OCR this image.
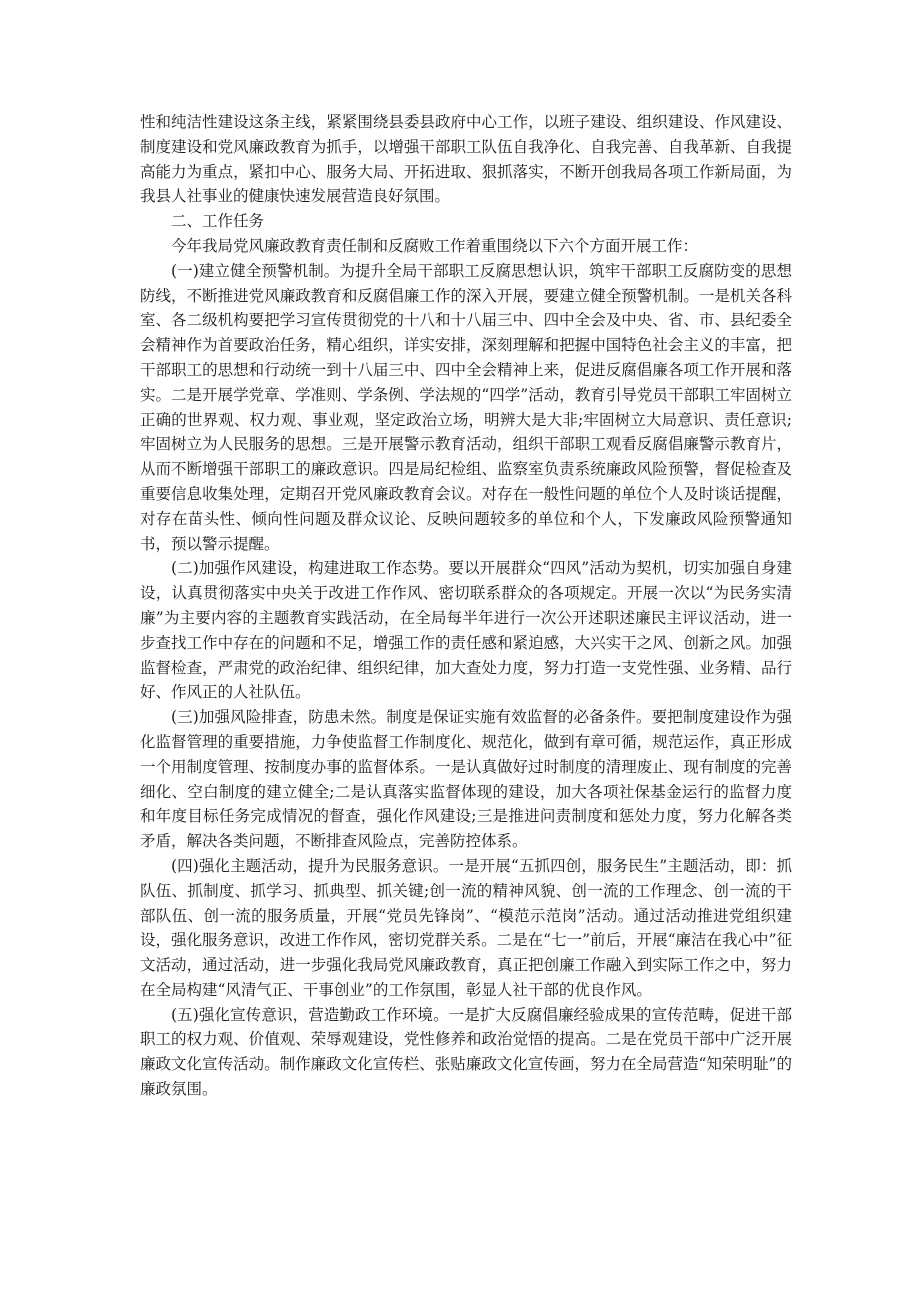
性和纯洁性建设这条主线，紧紧围绕县委县政府中心工作，以班子建设、组织建设、作风建设、制度建设和党风廉政教育为抓手，以增强干部职工队伍自我净化、自我完善、自我革新、自我提高能力为重点，紧扣中心、服务大局、开拓进取、狠抓落实，不断开创我局各项工作新局面，为我县人社事业的健康快速发展营造良好氛围。

二、工作任务

今年我局党风廉政教育责任制和反腐败工作着重围绕以下六个方面开展工作：

(一)建立健全预警机制。为提升全局干部职工反腐思想认识，筑牢干部职工反腐防变的思想防线，不断推进党风廉政教育和反腐倡廉工作的深入开展，要建立健全预警机制。一是机关各科室、各二级机构要把学习宣传贯彻党的十八和十八届三中、四中全会及中央、省、市、县纪委全会精神作为首要政治任务，精心组织，详实安排，深刻理解和把握中国特色社会主义的丰富，把干部职工的思想和行动统一到十八届三中、四中全会精神上来，促进反腐倡廉各项工作开展和落实。二是开展学党章、学准则、学条例、学法规的“四学”活动，教育引导党员干部职工牢固树立正确的世界观、权力观、事业观，坚定政治立场，明辨大是大非;牢固树立大局意识、责任意识;牢固树立为人民服务的思想。三是开展警示教育活动，组织干部职工观看反腐倡廉警示教育片，从而不断增强干部职工的廉政意识。四是局纪检组、监察室负责系统廉政风险预警，督促检查及重要信息收集处理，定期召开党风廉政教育会议。对存在一般性问题的单位个人及时谈话提醒，对存在苗头性、倾向性问题及群众议论、反映问题较多的单位和个人，下发廉政风险预警通知书，预以警示提醒。

(二)加强作风建设，构建进取工作态势。要以开展群众“四风”活动为契机，切实加强自身建设，认真贯彻落实中央关于改进工作作风、密切联系群众的各项规定。开展一次以“为民务实清廉”为主要内容的主题教育实践活动，在全局每半年进行一次公开述职述廉民主评议活动，进一步查找工作中存在的问题和不足，增强工作的责任感和紧迫感，大兴实干之风、创新之风。加强监督检查，严肃党的政治纪律、组织纪律，加大查处力度，努力打造一支党性强、业务精、品行好、作风正的人社队伍。

(三)加强风险排查，防患未然。制度是保证实施有效监督的必备条件。要把制度建设作为强化监督管理的重要措施，力争使监督工作制度化、规范化，做到有章可循，规范运作，真正形成一个用制度管理、按制度办事的监督体系。一是认真做好过时制度的清理废止、现有制度的完善细化、空白制度的建立健全;二是认真落实监督体现的建设，加大各项社保基金运行的监督力度和年度目标任务完成情况的督查，强化作风建设;三是推进问责制度和惩处力度，努力化解各类矛盾，解决各类问题，不断排查风险点，完善防控体系。

(四)强化主题活动，提升为民服务意识。一是开展“五抓四创，服务民生”主题活动，即：抓队伍、抓制度、抓学习、抓典型、抓关键;创一流的精神风貌、创一流的工作理念、创一流的干部队伍、创一流的服务质量，开展“党员先锋岗”、“模范示范岗”活动。通过活动推进党组织建设，强化服务意识，改进工作作风，密切党群关系。二是在“七一”前后，开展“廉洁在我心中”征文活动，通过活动，进一步强化我局党风廉政教育，真正把创廉工作融入到实际工作之中，努力在全局构建“风清气正、干事创业”的工作氛围，彰显人社干部的优良作风。

(五)强化宣传意识，营造勤政工作环境。一是扩大反腐倡廉经验成果的宣传范畴，促进干部职工的权力观、价值观、荣辱观建设，党性修养和政治觉悟的提高。二是在党员干部中广泛开展廉政文化宣传活动。制作廉政文化宣传栏、张贴廉政文化宣传画，努力在全局营造“知荣明耻”的廉政氛围。
